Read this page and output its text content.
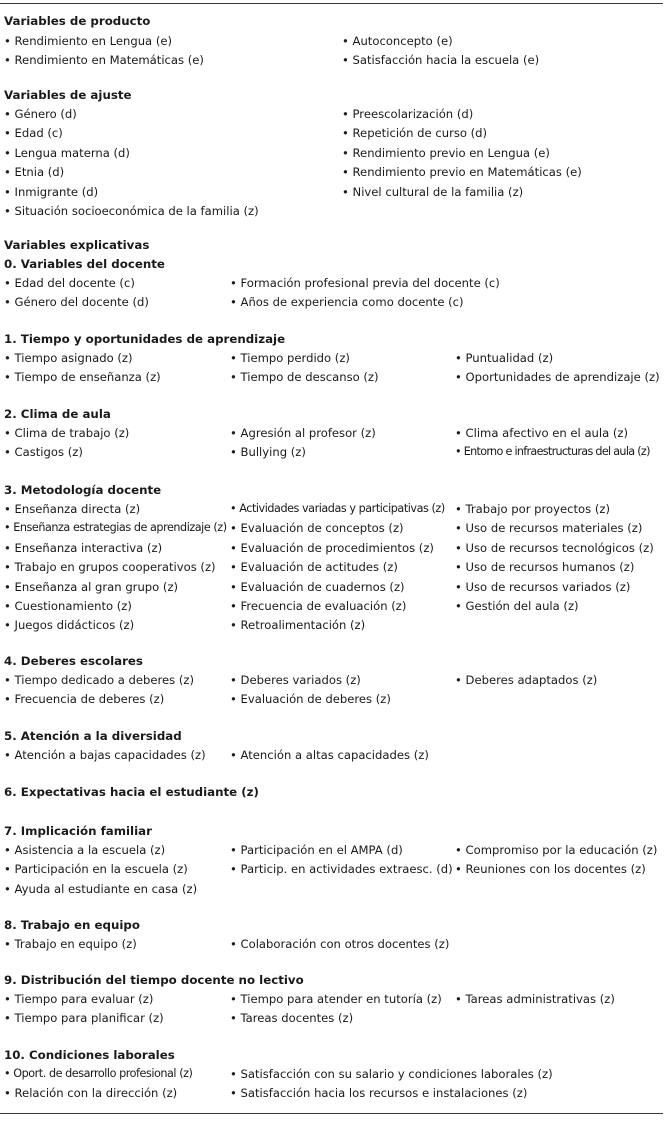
Variables de producto
Variables explicativas
• Rendimiento en Lengua (e)
• Rendimiento en Matemáticas (e)
• Autoconcepto (e)
• Satisfacción hacia la escuela (e)
Variables de ajuste
• Género (d)
• Edad (c)
• Lengua materna (d)
• Etnia (d)
• Inmigrante (d)
• Situación socioeconómica de la familia (z)
• Preescolarización (d)
• Repetición de curso (d)
• Rendimiento previo en Lengua (e)
• Rendimiento previo en Matemáticas (e)
• Nivel cultural de la familia (z)
0. Variables del docente
• Edad del docente (c)
• Género del docente (d)
• Formación profesional previa del docente (c)
• Años de experiencia como docente (c)
1. Tiempo y oportunidades de aprendizaje
• Tiempo asignado (z)
• Tiempo de enseñanza (z)
• Tiempo perdido (z)
• Tiempo de descanso (z)
• Puntualidad (z)
• Oportunidades de aprendizaje (z)
2. Clima de aula
• Clima de trabajo (z)
• Castigos (z)
• Agresión al profesor (z)
• Bullying (z)
• Clima afectivo en el aula (z)
• Entorno e infraestructuras del aula (z)
3. Metodología docente
• Enseñanza directa (z)
• Enseñanza estrategias de aprendizaje (z)
• Enseñanza interactiva (z)
• Trabajo en grupos cooperativos (z)
• Enseñanza al gran grupo (z)
• Cuestionamiento (z)
• Juegos didácticos (z)
• Actividades variadas y participativas (z)
• Evaluación de conceptos (z)
• Evaluación de procedimientos (z)
• Evaluación de actitudes (z)
• Evaluación de cuadernos (z)
• Frecuencia de evaluación (z)
• Retroalimentación (z)
• Trabajo por proyectos (z)
• Uso de recursos materiales (z)
• Uso de recursos tecnológicos (z)
• Uso de recursos humanos (z)
• Uso de recursos variados (z)
• Gestión del aula (z)
4. Deberes escolares
• Tiempo dedicado a deberes (z)
• Frecuencia de deberes (z)
• Deberes variados (z)
• Evaluación de deberes (z)
• Deberes adaptados (z)
5. Atención a la diversidad
• Atención a bajas capacidades (z) • Atención a altas capacidades (z)
6. Expectativas hacia el estudiante (z)
7. Implicación familiar
• Asistencia a la escuela (z)
• Participación en la escuela (z)
• Ayuda al estudiante en casa (z)
• Participación en el AMPA (d)
• Particip. en actividades extraesc. (d)
• Compromiso por la educación (z)
• Reuniones con los docentes (z)
8. Trabajo en equipo
• Trabajo en equipo (z)	• Colaboración con otros docentes (z)
9. Distribución del tiempo docente no lectivo
• Tiempo para evaluar (z)
• Tiempo para planificar (z)
• Tiempo para atender en tutoría (z)
• Tareas docentes (z)
• Tareas administrativas (z)
10. Condiciones laborales
• Oport. de desarrollo profesional (z)
• Relación con la dirección (z)
• Satisfacción con su salario y condiciones laborales (z)
• Satisfacción hacia los recursos e instalaciones (z)
